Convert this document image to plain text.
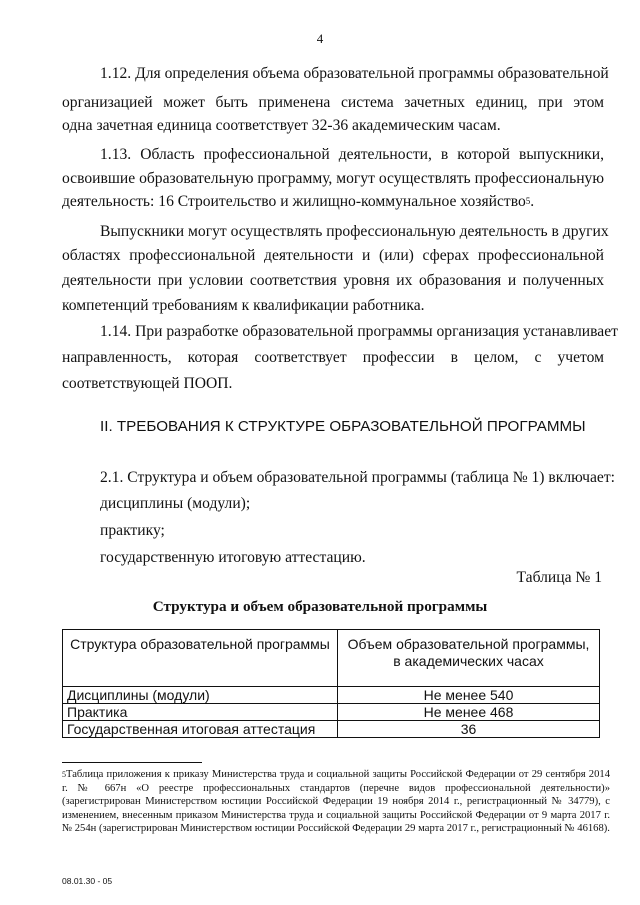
4
1.12. Для определения объема образовательной программы образовательной
организацией может быть применена система зачетных единиц, при этом
одна зачетная единица соответствует 32-36 академическим часам.
1.13. Область профессиональной деятельности, в которой выпускники,
освоившие образовательную программу, могут осуществлять профессиональную
деятельность: 16 Строительство и жилищно-коммунальное хозяйство$^5$.
Выпускники могут осуществлять профессиональную деятельность в других
областях профессиональной деятельности и (или) сферах профессиональной
деятельности при условии соответствия уровня их образования и полученных
компетенций требованиям к квалификации работника.
1.14. При разработке образовательной программы организация устанавливает
направленность, которая соответствует профессии в целом, с учетом
соответствующей ПООП.
II. ТРЕБОВАНИЯ К СТРУКТУРЕ ОБРАЗОВАТЕЛЬНОЙ ПРОГРАММЫ
2.1. Структура и объем образовательной программы (таблица № 1) включает:
дисциплины (модули);
практику;
государственную итоговую аттестацию.
Таблица № 1
Структура и объем образовательной программы
Структура образовательной программы	Объем образовательной программы, в академических часах
Дисциплины (модули)	Не менее 540
Практика	Не менее 468
Государственная итоговая аттестация	36
$^5$Таблица приложения к приказу Министерства труда и социальной защиты Российской Федерации от 29 сентября 2014 г. № 667н «О реестре профессиональных стандартов (перечне видов профессиональной деятельности)» (зарегистрирован Министерством юстиции Российской Федерации 19 ноября 2014 г., регистрационный № 34779), с изменением, внесенным приказом Министерства труда и социальной защиты Российской Федерации от 9 марта 2017 г. № 254н (зарегистрирован Министерством юстиции Российской Федерации 29 марта 2017 г., регистрационный № 46168).
08.01.30 - 05
